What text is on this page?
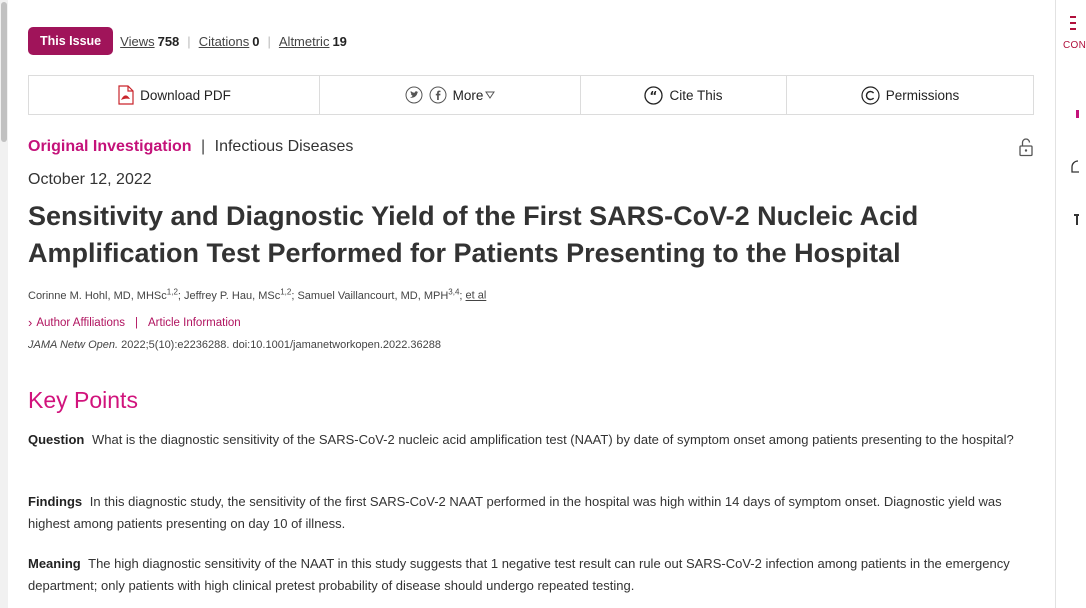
This Issue	Views 758 | Citations 0 | Altmetric 19
Download PDF	More	“ Cite This	Permissions
Original Investigation | Infectious Diseases
October 12, 2022
Sensitivity and Diagnostic Yield of the First SARS-CoV-2 Nucleic Acid Amplification Test Performed for Patients Presenting to the Hospital
Corinne M. Hohl, MD, MHSc$^{1,2}$; Jeffrey P. Hau, MSc$^{1,2}$; Samuel Vaillancourt, MD, MPH$^{3,4}$; et al
› Author Affiliations | Article Information
JAMA Netw Open. 2022;5(10):e2236288. doi:10.1001/jamanetworkopen.2022.36288
Key Points

Question What is the diagnostic sensitivity of the SARS-CoV-2 nucleic acid amplification test (NAAT) by date of symptom onset among patients presenting to the hospital?

Findings In this diagnostic study, the sensitivity of the first SARS-CoV-2 NAAT performed in the hospital was high within 14 days of symptom onset. Diagnostic yield was highest among patients presenting on day 10 of illness.

Meaning The high diagnostic sensitivity of the NAAT in this study suggests that 1 negative test result can rule out SARS-CoV-2 infection among patients in the emergency department; only patients with high clinical pretest probability of disease should undergo repeated testing.

CON
